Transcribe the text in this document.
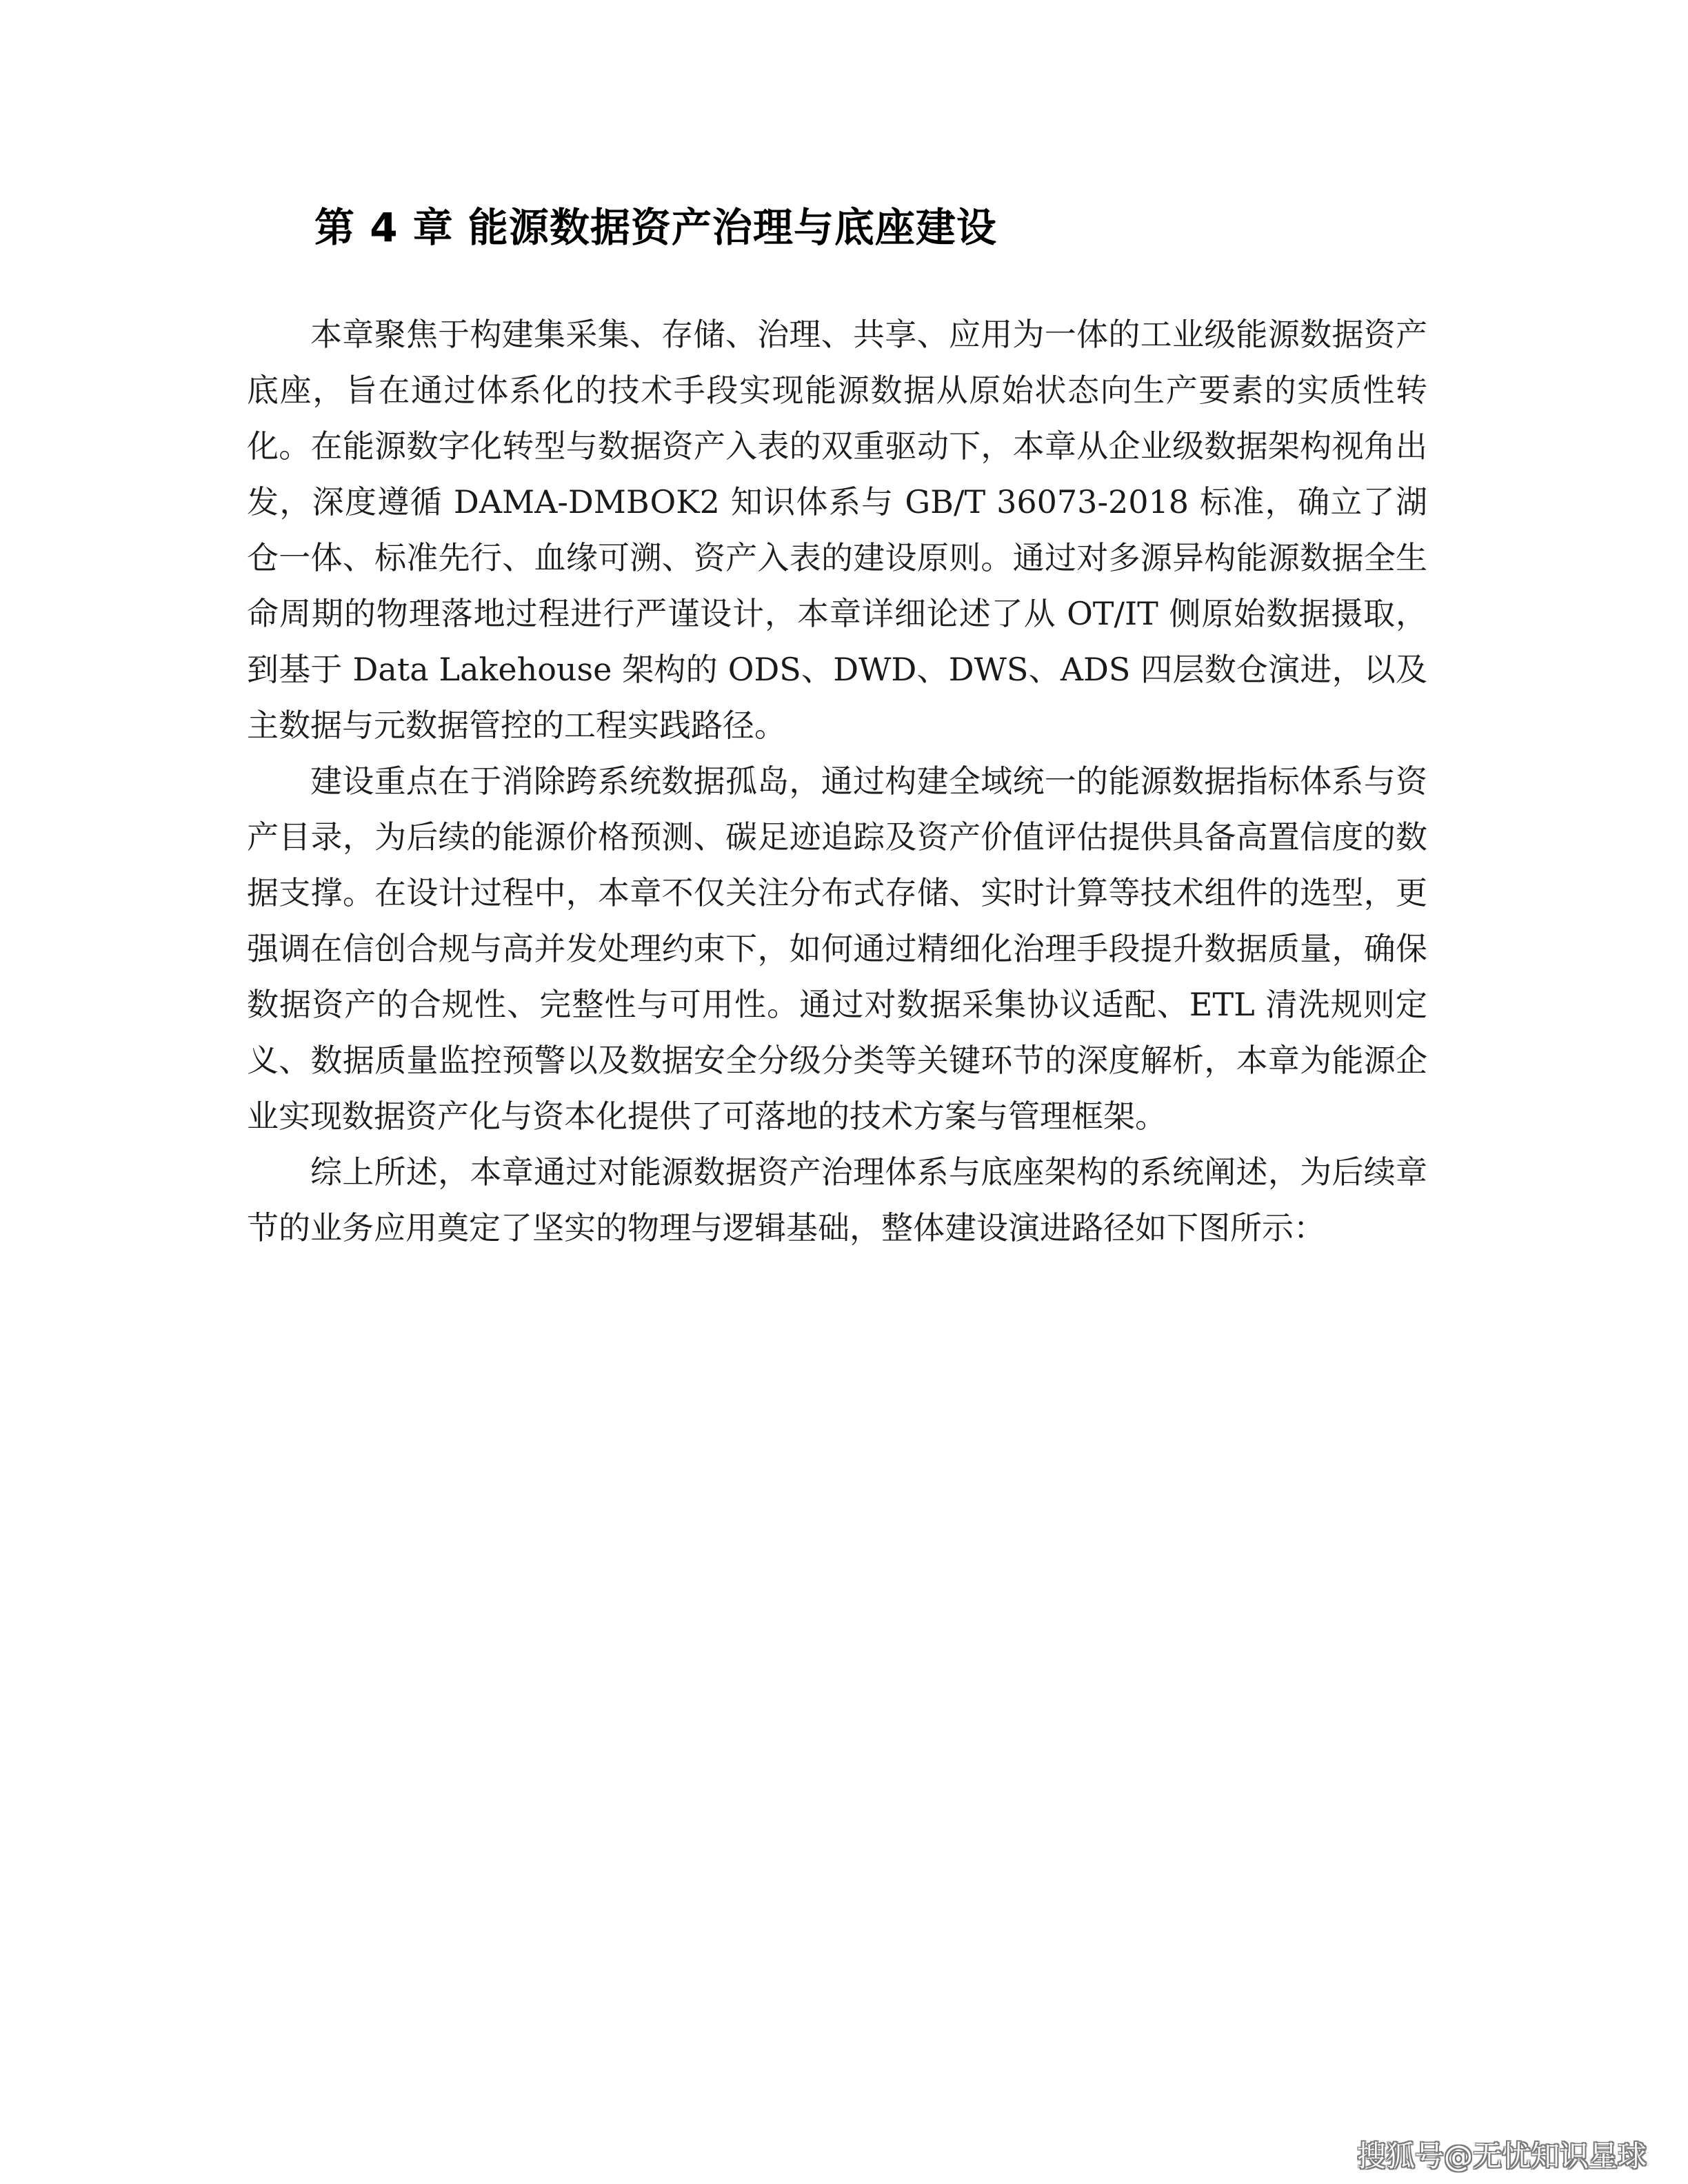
第 4 章 能源数据资产治理与底座建设

本章聚焦于构建集采集、存储、治理、共享、应用为一体的工业级能源数据资产底座，旨在通过体系化的技术手段实现能源数据从原始状态向生产要素的实质性转化。在能源数字化转型与数据资产入表的双重驱动下，本章从企业级数据架构视角出发，深度遵循 DAMA-DMBOK2 知识体系与 GB/T 36073-2018 标准，确立了湖仓一体、标准先行、血缘可溯、资产入表的建设原则。通过对多源异构能源数据全生命周期的物理落地过程进行严谨设计，本章详细论述了从 OT/IT 侧原始数据摄取，到基于 Data Lakehouse 架构的 ODS、DWD、DWS、ADS 四层数仓演进，以及主数据与元数据管控的工程实践路径。

建设重点在于消除跨系统数据孤岛，通过构建全域统一的能源数据指标体系与资产目录，为后续的能源价格预测、碳足迹追踪及资产价值评估提供具备高置信度的数据支撑。在设计过程中，本章不仅关注分布式存储、实时计算等技术组件的选型，更强调在信创合规与高并发处理约束下，如何通过精细化治理手段提升数据质量，确保数据资产的合规性、完整性与可用性。通过对数据采集协议适配、ETL 清洗规则定义、数据质量监控预警以及数据安全分级分类等关键环节的深度解析，本章为能源企业实现数据资产化与资本化提供了可落地的技术方案与管理框架。

综上所述，本章通过对能源数据资产治理体系与底座架构的系统阐述，为后续章节的业务应用奠定了坚实的物理与逻辑基础，整体建设演进路径如下图所示：

搜狐号@无忧知识星球
